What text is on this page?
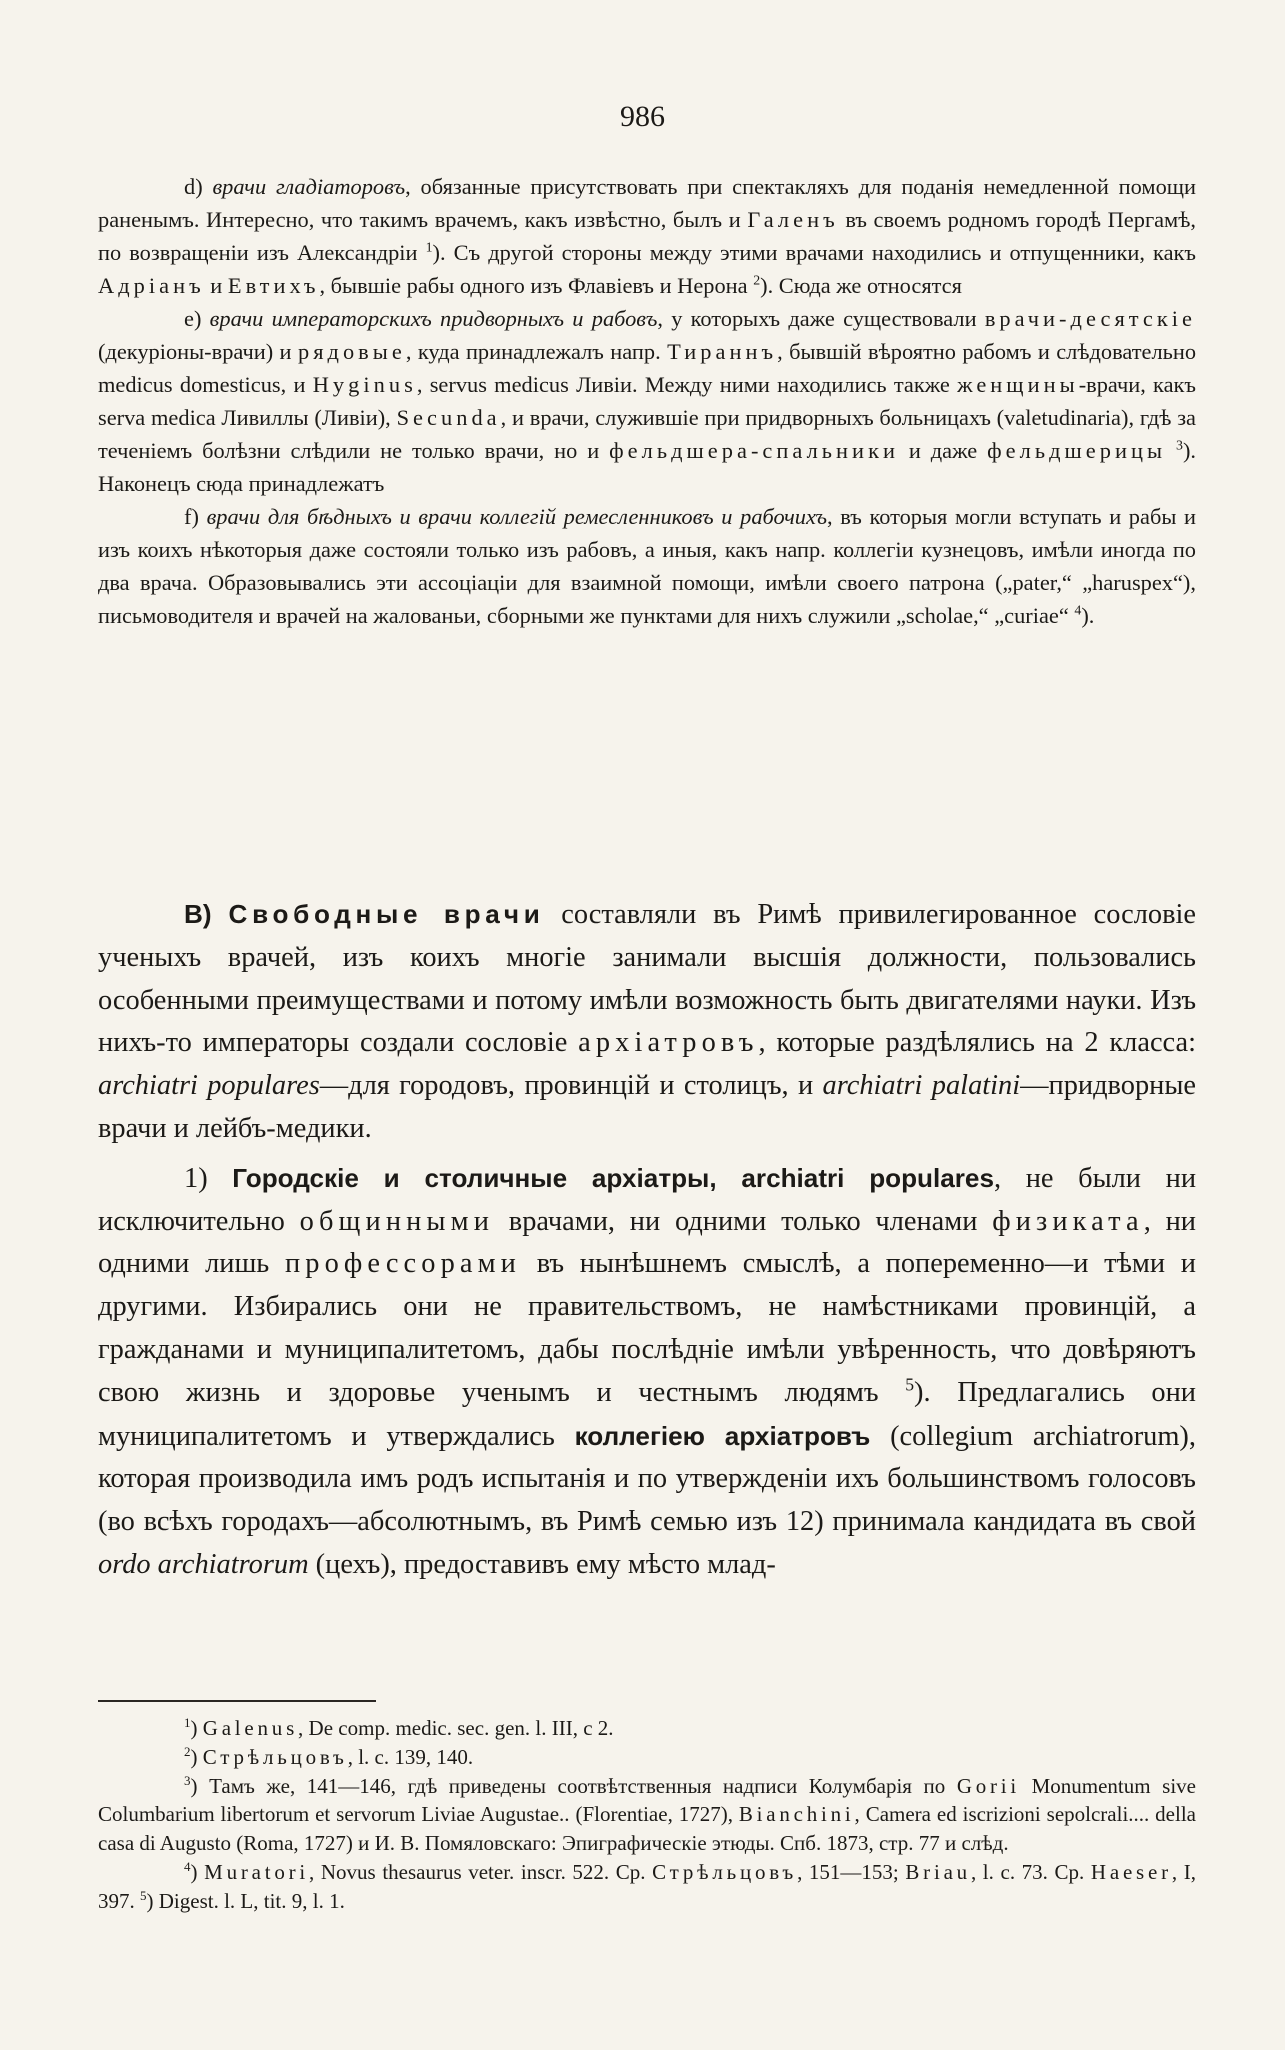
986

d) врачи гладіаторовъ, обязанные присутствовать при спектакляхъ для поданія немедленной помощи раненымъ. Интересно, что такимъ врачемъ, какъ извѣстно, былъ и Галенъ въ своемъ родномъ городѣ Пергамѣ, по возвращеніи изъ Александріи $^1$). Съ другой стороны между этими врачами находились и отпущенники, какъ Адріанъ и Евтихъ, бывшіе рабы одного изъ Флавіевъ и Нерона $^2$). Сюда же относятся

e) врачи императорскихъ придворныхъ и рабовъ, у которыхъ даже существовали врачи-десятскіе (декуріоны-врачи) и рядовые, куда принадлежалъ напр. Тираннъ, бывшій вѣроятно рабомъ и слѣдовательно medicus domesticus, и Hyginus, servus medicus Ливіи. Между ними находились также женщины-врачи, какъ serva medica Ливиллы (Ливіи), Secunda, и врачи, служившіе при придворныхъ больницахъ (valetudinaria), гдѣ за теченіемъ болѣзни слѣдили не только врачи, но и фельдшера-спальники и даже фельдшерицы $^3$). Наконецъ сюда принадлежатъ

f) врачи для бѣдныхъ и врачи коллегій ремесленниковъ и рабочихъ, въ которыя могли вступать и рабы и изъ коихъ нѣкоторыя даже состояли только изъ рабовъ, а иныя, какъ напр. коллегіи кузнецовъ, имѣли иногда по два врача. Образовывались эти ассоціаціи для взаимной помощи, имѣли своего патрона („pater,“ „haruspex“), письмоводителя и врачей на жалованьи, сборными же пунктами для нихъ служили „scholae,“ „curiae“ $^4$).

B) Свободные врачи составляли въ Римѣ привилегированное сословіе ученыхъ врачей, изъ коихъ многіе занимали высшія должности, пользовались особенными преимуществами и потому имѣли возможность быть двигателями науки. Изъ нихъ-то императоры создали сословіе архіатровъ, которые раздѣлялись на 2 класса: archiatri populares—для городовъ, провинцій и столицъ, и archiatri palatini—придворные врачи и лейбъ-медики.

1) Городскіе и столичные архіатры, archiatri populares, не были ни исключительно общинными врачами, ни одними только членами физиката, ни одними лишь профессорами въ нынѣшнемъ смыслѣ, а попеременно—и тѣми и другими. Избирались они не правительствомъ, не намѣстниками провинцій, а гражданами и муниципалитетомъ, дабы послѣдніе имѣли увѣренность, что довѣряютъ свою жизнь и здоровье ученымъ и честнымъ людямъ $^5$). Предлагались они муниципалитетомъ и утверждались коллегіею архіатровъ (collegium archiatrorum), которая производила имъ родъ испытанія и по утвержденіи ихъ большинствомъ голосовъ (во всѣхъ городахъ—абсолютнымъ, въ Римѣ семью изъ 12) принимала кандидата въ свой ordo archiatrorum (цехъ), предоставивъ ему мѣсто млад-

$^1$) Galenus, De comp. medic. sec. gen. l. III, c 2.

$^2$) Стрѣльцовъ, l. c. 139, 140.

$^3$) Тамъ же, 141—146, гдѣ приведены соотвѣтственныя надписи Колумбарія по Gorii Monumentum sive Columbarium libertorum et servorum Liviae Augustae.. (Florentiae, 1727), Bianchini, Camera ed iscrizioni sepolcrali.... della casa di Augusto (Roma, 1727) и И. В. Помяловскаго: Эпиграфическіе этюды. Спб. 1873, стр. 77 и слѣд.

$^4$) Muratori, Novus thesaurus veter. inscr. 522. Cp. Стрѣльцовъ, 151—153; Briau, l. c. 73. Cp. Haeser, I, 397. $^5$) Digest. l. L, tit. 9, l. 1.
